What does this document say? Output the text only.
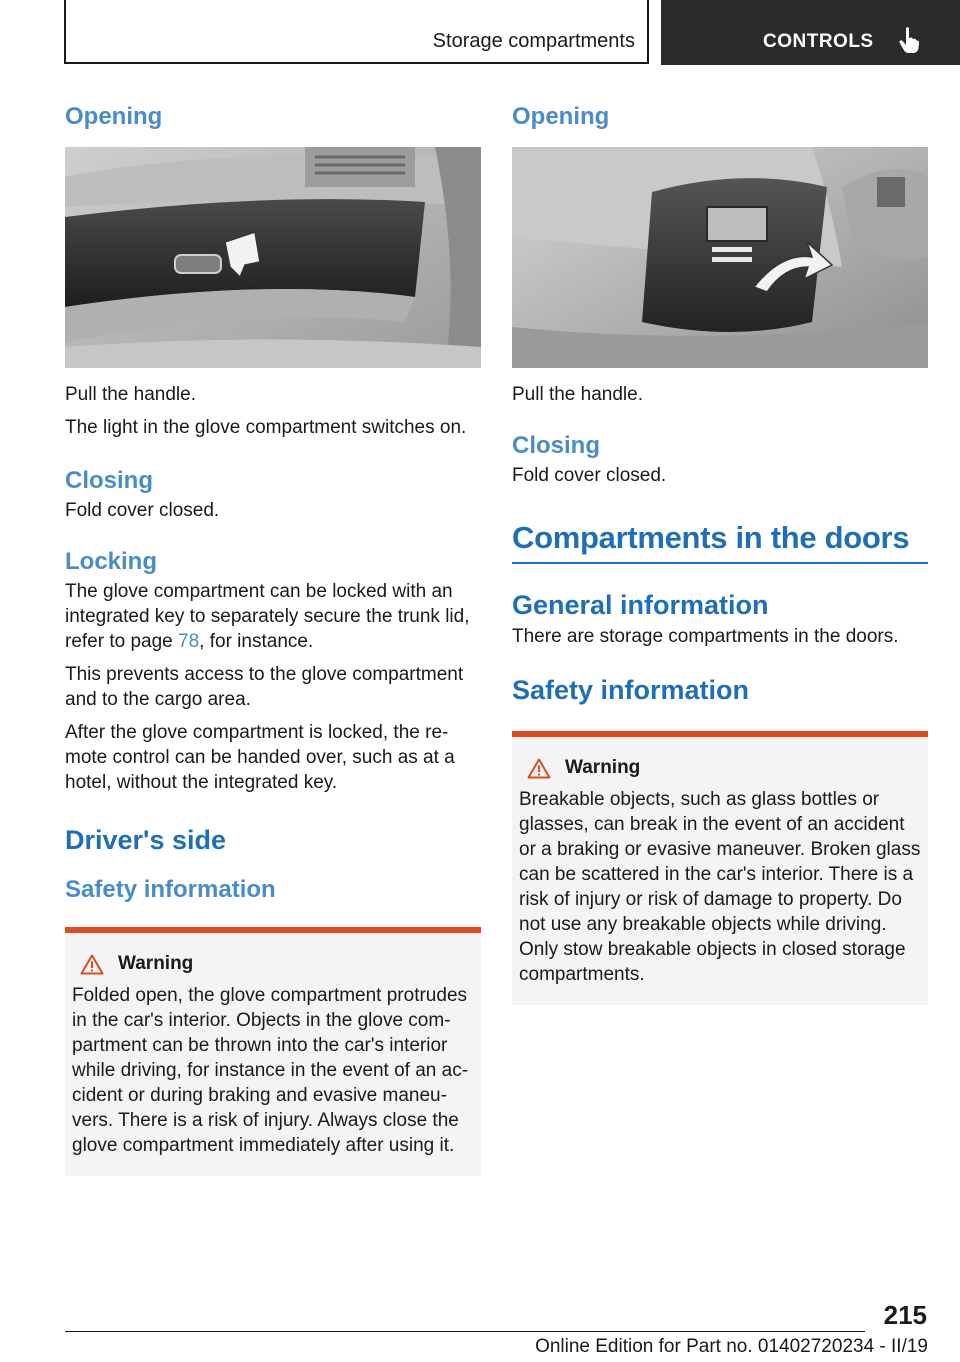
Storage compartments	CONTROLS
Opening

Pull the handle.

The light in the glove compartment switches on.

Closing

Fold cover closed.

Locking

The glove compartment can be locked with an integrated key to separately secure the trunk lid, refer to page 78, for instance.

This prevents access to the glove compartment and to the cargo area.

After the glove compartment is locked, the remote control can be handed over, such as at a hotel, without the integrated key.

Driver's side
Safety information
Warning

Folded open, the glove compartment protrudes in the car's interior. Objects in the glove compartment can be thrown into the car's interior while driving, for instance in the event of an accident or during braking and evasive maneuvers. There is a risk of injury. Always close the glove compartment immediately after using it.

Opening

Pull the handle.

Closing

Fold cover closed.

Compartments in the doors
General information

There are storage compartments in the doors.

Safety information
Warning

Breakable objects, such as glass bottles or glasses, can break in the event of an accident or a braking or evasive maneuver. Broken glass can be scattered in the car's interior. There is a risk of injury or risk of damage to property. Do not use any breakable objects while driving. Only stow breakable objects in closed storage compartments.

215
Online Edition for Part no. 01402720234 - II/19
